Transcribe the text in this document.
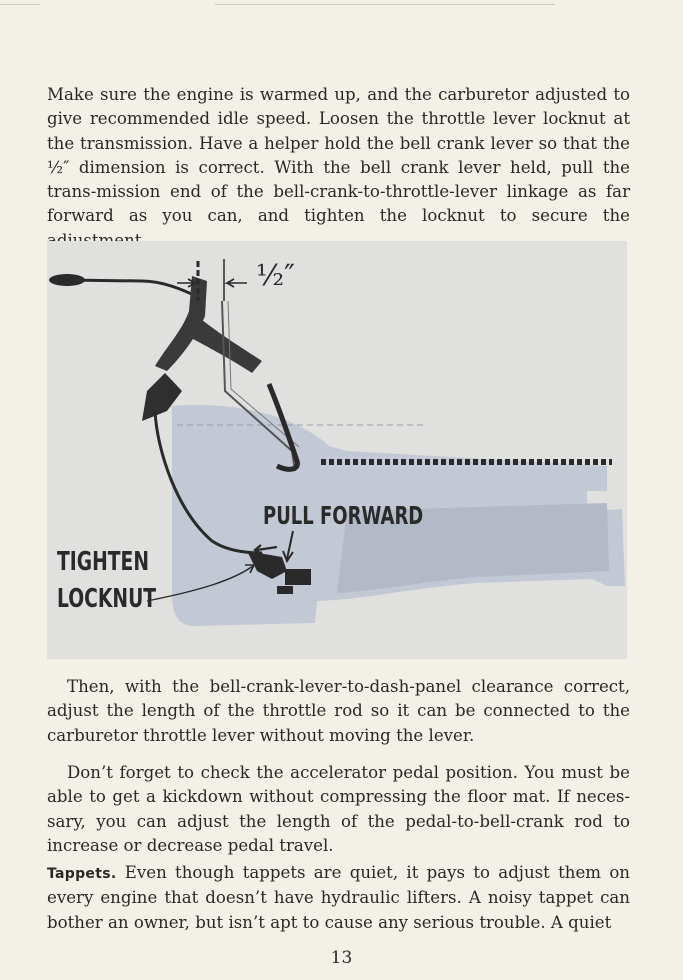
Make sure the engine is warmed up, and the carburetor adjusted to give recommended idle speed. Loosen the throttle lever locknut at the transmission. Have a helper hold the bell crank lever so that the ½″ dimension is correct. With the bell crank lever held, pull the trans-mission end of the bell-crank-to-throttle-lever linkage as far forward as you can, and tighten the locknut to secure the

½″
PULL FORWARD
TIGHTEN
LOCKNUT

Then, with the bell-crank-lever-to-dash-panel clearance correct, adjust the length of the throttle rod so it can be connected to the carburetor throttle lever without moving the lever.

Don’t forget to check the accelerator pedal position. You must be able to get a kickdown without compressing the floor mat. If neces-sary, you can adjust the length of the pedal-to-bell-crank rod to increase or decrease pedal travel.

Tappets. Even though tappets are quiet, it pays to adjust them on every engine that doesn’t have hydraulic lifters. A noisy tappet can bother an owner, but isn’t apt to cause any serious trouble. A quiet

13
